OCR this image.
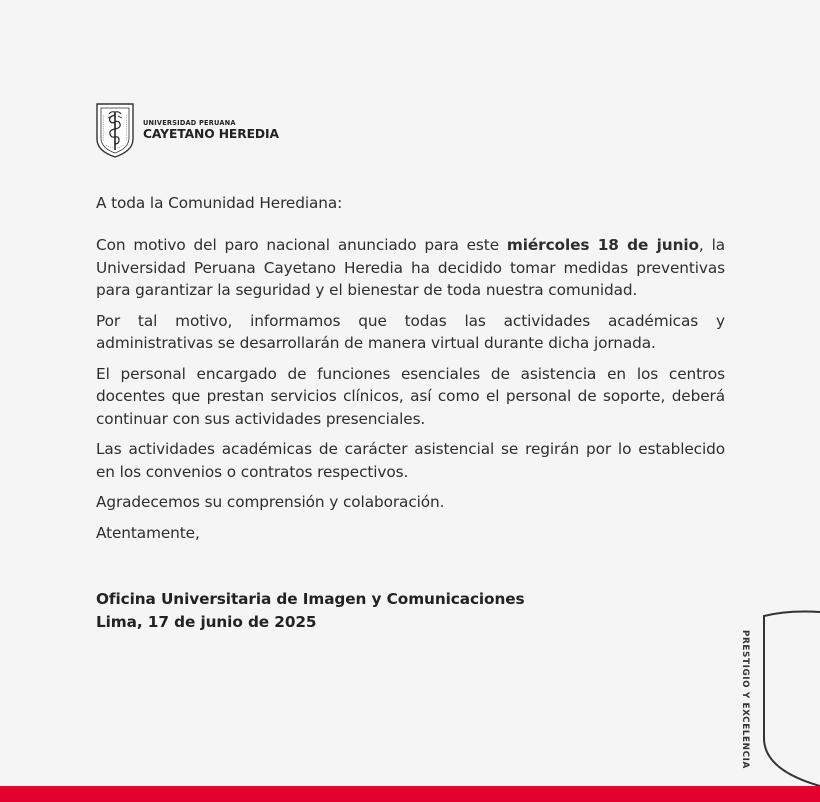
UNIVERSIDAD PERUANA
CAYETANO HEREDIA
A toda la Comunidad Herediana:

Con motivo del paro nacional anunciado para este miércoles 18 de junio, la Universidad Peruana Cayetano Heredia ha decidido tomar medidas preventivas para garantizar la seguridad y el bienestar de toda nuestra comunidad.

Por tal motivo, informamos que todas las actividades académicas y administrativas se desarrollarán de manera virtual durante dicha jornada.

El personal encargado de funciones esenciales de asistencia en los centros docentes que prestan servicios clínicos, así como el personal de soporte, deberá continuar con sus actividades presenciales.

Las actividades académicas de carácter asistencial se regirán por lo establecido en los convenios o contratos respectivos.

Agradecemos su comprensión y colaboración.

Atentamente,

Oficina Universitaria de Imagen y Comunicaciones
Lima, 17 de junio de 2025
PRESTIGIO Y EXCELENCIA
